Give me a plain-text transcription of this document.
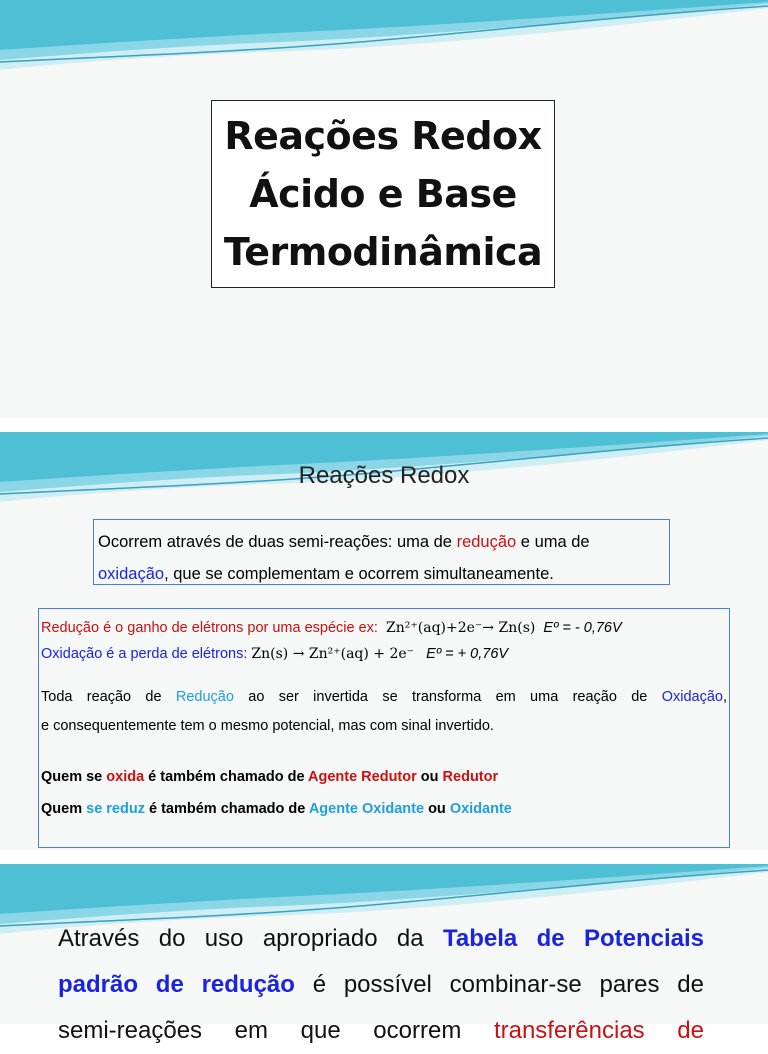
Reações Redox
Ácido e Base
Termodinâmica
Reações Redox
Ocorrem através de duas semi-reações: uma de redução e uma de
oxidação, que se complementam e ocorrem simultaneamente.
Redução é o ganho de elétrons por uma espécie ex: Zn²⁺(aq)+2e⁻→ Zn(s) Eº = - 0,76V
Oxidação é a perda de elétrons: Zn(s) → Zn²⁺(aq) + 2e⁻ Eº = + 0,76V
Toda reação de Redução ao ser invertida se transforma em uma reação de Oxidação,
e consequentemente tem o mesmo potencial, mas com sinal invertido.
Quem se oxida é também chamado de Agente Redutor ou Redutor
Quem se reduz é também chamado de Agente Oxidante ou Oxidante
Através do uso apropriado da Tabela de Potenciais
padrão de redução é possível combinar-se pares de
semi-reações em que ocorrem transferências de
